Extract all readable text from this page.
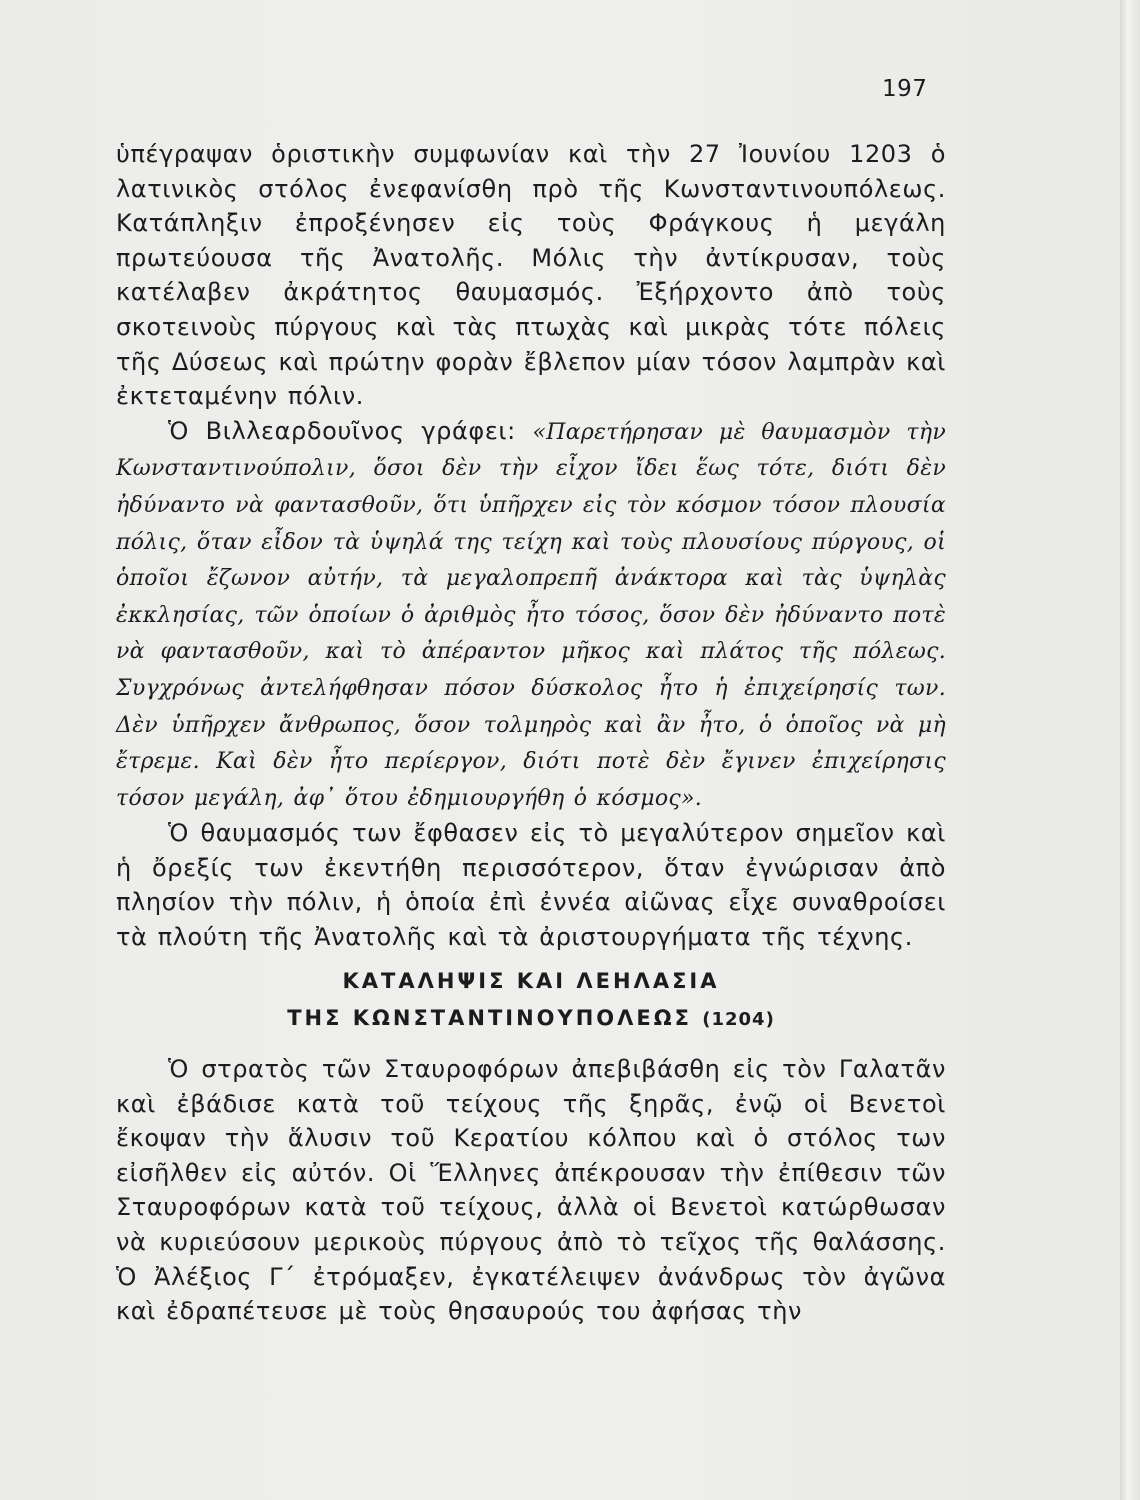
197

ὑπέγραψαν ὁριστικὴν συμφωνίαν καὶ τὴν 27 Ἰουνίου 1203 ὁ λατινικὸς στόλος ἐνεφανίσθη πρὸ τῆς Κωνσταντινουπόλεως. Κατάπληξιν ἐπροξένησεν εἰς τοὺς Φράγκους ἡ μεγάλη πρωτεύουσα τῆς Ἀνατολῆς. Μόλις τὴν ἀντίκρυσαν, τοὺς κατέλαβεν ἀκράτητος θαυμασμός. Ἐξήρχοντο ἀπὸ τοὺς σκοτεινοὺς πύργους καὶ τὰς πτωχὰς καὶ μικρὰς τότε πόλεις τῆς Δύσεως καὶ πρώτην φορὰν ἔβλεπον μίαν τόσον λαμπρὰν καὶ ἐκτεταμένην πόλιν.

Ὁ Βιλλεαρδουῖνος γράφει: «Παρετήρησαν μὲ θαυμασμὸν τὴν Κωνσταντινούπολιν, ὅσοι δὲν τὴν εἶχον ἴδει ἕως τότε, διότι δὲν ἠδύναντο νὰ φαντασθοῦν, ὅτι ὑπῆρχεν εἰς τὸν κόσμον τόσον πλουσία πόλις, ὅταν εἶδον τὰ ὑψηλά της τείχη καὶ τοὺς πλουσίους πύργους, οἱ ὁποῖοι ἔζωνον αὐτήν, τὰ μεγαλοπρεπῆ ἀνάκτορα καὶ τὰς ὑψηλὰς ἐκκλησίας, τῶν ὁποίων ὁ ἀριθμὸς ἦτο τόσος, ὅσον δὲν ἠδύναντο ποτὲ νὰ φαντασθοῦν, καὶ τὸ ἀπέραντον μῆκος καὶ πλάτος τῆς πόλεως. Συγχρόνως ἀντελήφθησαν πόσον δύσκολος ἦτο ἡ ἐπιχείρησίς των. Δὲν ὑπῆρχεν ἄνθρωπος, ὅσον τολμηρὸς καὶ ἂν ἦτο, ὁ ὁποῖος νὰ μὴ ἔτρεμε. Καὶ δὲν ἦτο περίεργον, διότι ποτὲ δὲν ἔγινεν ἐπιχείρησις τόσον μεγάλη, ἀφ᾽ ὅτου ἐδημιουργήθη ὁ κόσμος».

Ὁ θαυμασμός των ἔφθασεν εἰς τὸ μεγαλύτερον σημεῖον καὶ ἡ ὄρεξίς των ἐκεντήθη περισσότερον, ὅταν ἐγνώρισαν ἀπὸ πλησίον τὴν πόλιν, ἡ ὁποία ἐπὶ ἐννέα αἰῶνας εἶχε συναθροίσει τὰ πλούτη τῆς Ἀνατολῆς καὶ τὰ ἀριστουργήματα τῆς τέχνης.

ΚΑΤΑΛΗΨΙΣ ΚΑΙ ΛΕΗΛΑΣΙΑ
ΤΗΣ ΚΩΝΣΤΑΝΤΙΝΟΥΠΟΛΕΩΣ (1204)

Ὁ στρατὸς τῶν Σταυροφόρων ἀπεβιβάσθη εἰς τὸν Γαλατᾶν καὶ ἐβάδισε κατὰ τοῦ τείχους τῆς ξηρᾶς, ἐνῷ οἱ Βενετοὶ ἔκοψαν τὴν ἅλυσιν τοῦ Κερατίου κόλπου καὶ ὁ στόλος των εἰσῆλθεν εἰς αὐτόν. Οἱ Ἕλληνες ἀπέκρουσαν τὴν ἐπίθεσιν τῶν Σταυροφόρων κατὰ τοῦ τείχους, ἀλλὰ οἱ Βενετοὶ κατώρθωσαν νὰ κυριεύσουν μερικοὺς πύργους ἀπὸ τὸ τεῖχος τῆς θαλάσσης. Ὁ Ἀλέξιος Γ´ ἐτρόμαξεν, ἐγκατέλειψεν ἀνάνδρως τὸν ἀγῶνα καὶ ἐδραπέτευσε μὲ τοὺς θησαυρούς του ἀφήσας τὴν
